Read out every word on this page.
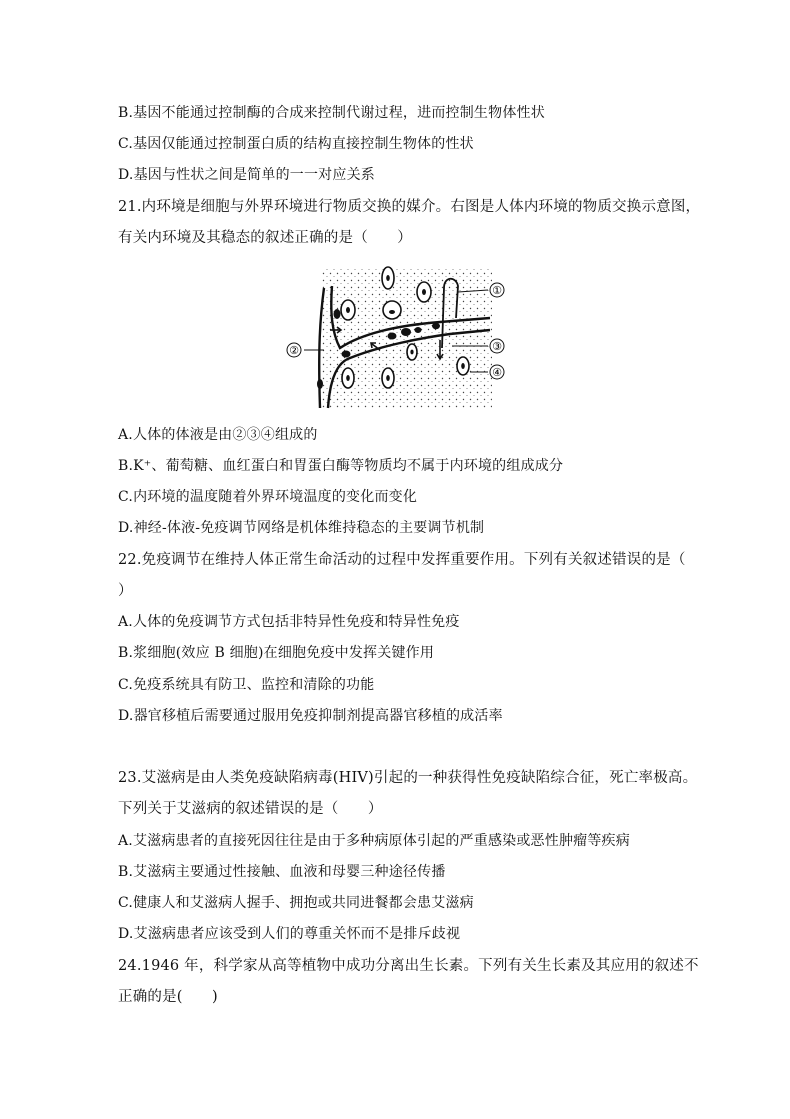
B.基因不能通过控制酶的合成来控制代谢过程，进而控制生物体性状
C.基因仅能通过控制蛋白质的结构直接控制生物体的性状
D.基因与性状之间是简单的一一对应关系
21.内环境是细胞与外界环境进行物质交换的媒介。右图是人体内环境的物质交换示意图，
有关内环境及其稳态的叙述正确的是（　　）
①
②	③
④
A.人体的体液是由②③④组成的
B.K⁺、葡萄糖、血红蛋白和胃蛋白酶等物质均不属于内环境的组成成分
C.内环境的温度随着外界环境温度的变化而变化
D.神经-体液-免疫调节网络是机体维持稳态的主要调节机制
22.免疫调节在维持人体正常生命活动的过程中发挥重要作用。下列有关叙述错误的是（
）
A.人体的免疫调节方式包括非特异性免疫和特异性免疫
B.浆细胞(效应 B 细胞)在细胞免疫中发挥关键作用
C.免疫系统具有防卫、监控和清除的功能
D.器官移植后需要通过服用免疫抑制剂提高器官移植的成活率
23.艾滋病是由人类免疫缺陷病毒(HIV)引起的一种获得性免疫缺陷综合征，死亡率极高。
下列关于艾滋病的叙述错误的是（　　）
A.艾滋病患者的直接死因往往是由于多种病原体引起的严重感染或恶性肿瘤等疾病
B.艾滋病主要通过性接触、血液和母婴三种途径传播
C.健康人和艾滋病人握手、拥抱或共同进餐都会患艾滋病
D.艾滋病患者应该受到人们的尊重关怀而不是排斥歧视
24.1946 年，科学家从高等植物中成功分离出生长素。下列有关生长素及其应用的叙述不
正确的是(　　)
